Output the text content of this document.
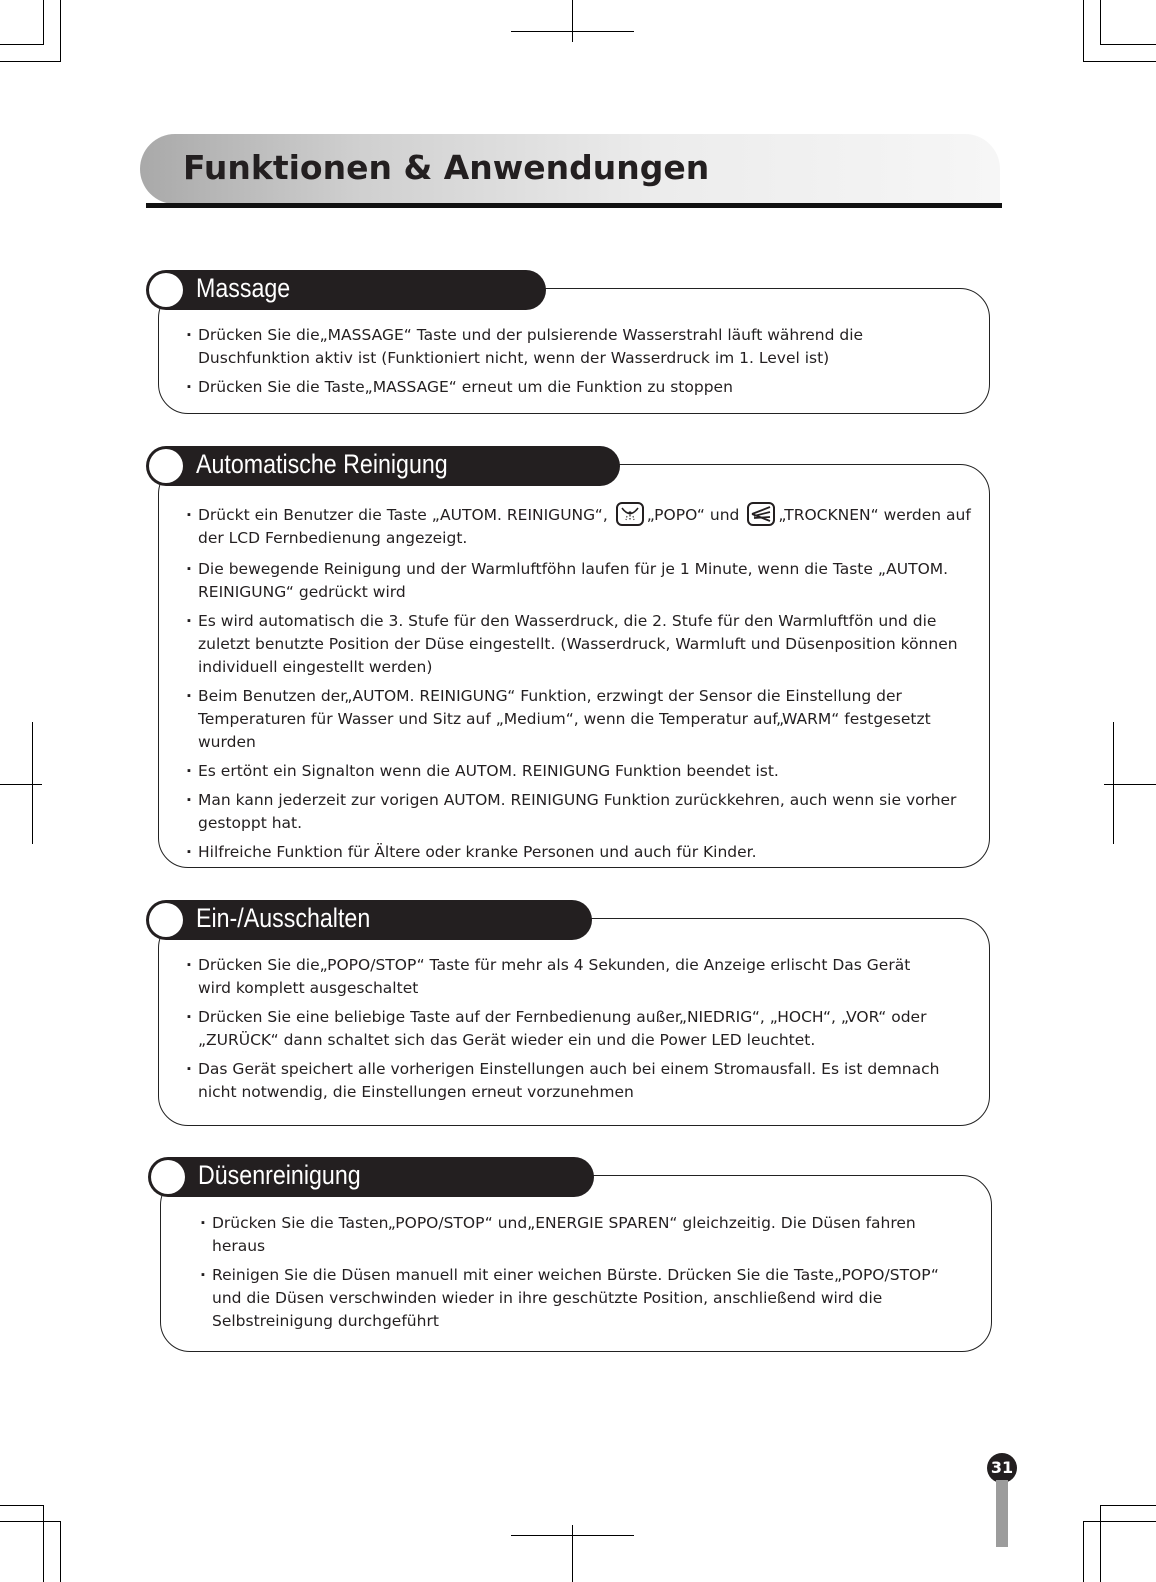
Funktionen & Anwendungen
Massage
· Drücken Sie die„MASSAGE“ Taste und der pulsierende Wasserstrahl läuft während die Duschfunktion aktiv ist (Funktioniert nicht, wenn der Wasserdruck im 1. Level ist)
· Drücken Sie die Taste„MASSAGE“ erneut um die Funktion zu stoppen
Automatische Reinigung
· Drückt ein Benutzer die Taste „AUTOM. REINIGUNG“,	„POPO“ und	„TROCKNEN“ werden auf der LCD Fernbedienung angezeigt.
· Die bewegende Reinigung und der Warmluftföhn laufen für je 1 Minute, wenn die Taste „AUTOM. REINIGUNG“ gedrückt wird
· Es wird automatisch die 3. Stufe für den Wasserdruck, die 2. Stufe für den Warmluftfön und die zuletzt benutzte Position der Düse eingestellt. (Wasserdruck, Warmluft und Düsenposition können individuell eingestellt werden)
· Beim Benutzen der„AUTOM. REINIGUNG“ Funktion, erzwingt der Sensor die Einstellung der Temperaturen für Wasser und Sitz auf „Medium“, wenn die Temperatur auf„WARM“ festgesetzt wurden
· Es ertönt ein Signalton wenn die AUTOM. REINIGUNG Funktion beendet ist.
· Man kann jederzeit zur vorigen AUTOM. REINIGUNG Funktion zurückkehren, auch wenn sie vorher gestoppt hat.
· Hilfreiche Funktion für Ältere oder kranke Personen und auch für Kinder.
Ein-/Ausschalten
· Drücken Sie die„POPO/STOP“ Taste für mehr als 4 Sekunden, die Anzeige erlischt Das Gerät wird komplett ausgeschaltet
· Drücken Sie eine beliebige Taste auf der Fernbedienung außer„NIEDRIG“, „HOCH“, „VOR“ oder „ZURÜCK“ dann schaltet sich das Gerät wieder ein und die Power LED leuchtet.
· Das Gerät speichert alle vorherigen Einstellungen auch bei einem Stromausfall. Es ist demnach nicht notwendig, die Einstellungen erneut vorzunehmen
Düsenreinigung
· Drücken Sie die Tasten„POPO/STOP“ und„ENERGIE SPAREN“ gleichzeitig. Die Düsen fahren heraus
· Reinigen Sie die Düsen manuell mit einer weichen Bürste. Drücken Sie die Taste„POPO/STOP“ und die Düsen verschwinden wieder in ihre geschützte Position, anschließend wird die Selbstreinigung durchgeführt
31
